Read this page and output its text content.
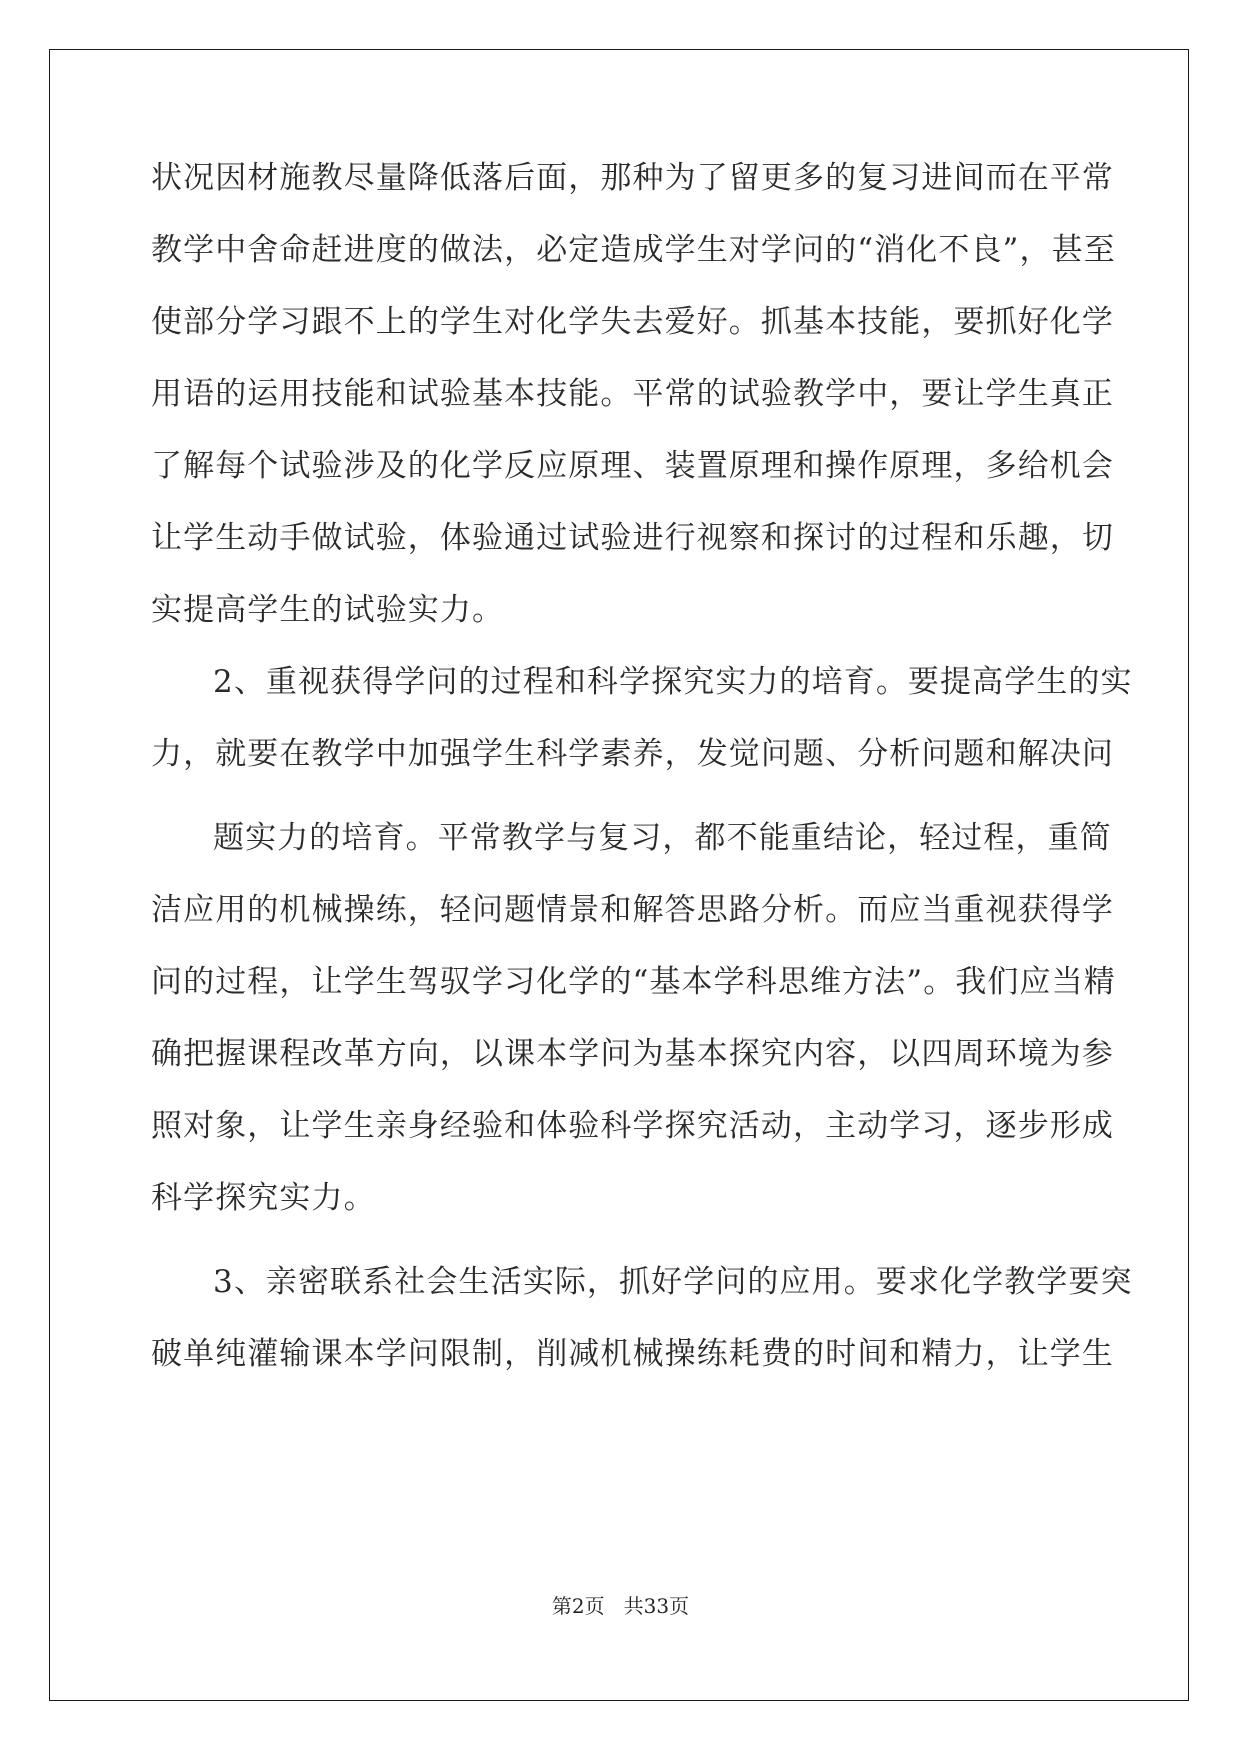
状况因材施教尽量降低落后面，那种为了留更多的复习进间而在平常
教学中舍命赶进度的做法，必定造成学生对学问的“消化不良”，甚至
使部分学习跟不上的学生对化学失去爱好。抓基本技能，要抓好化学
用语的运用技能和试验基本技能。平常的试验教学中，要让学生真正
了解每个试验涉及的化学反应原理、装置原理和操作原理，多给机会
让学生动手做试验，体验通过试验进行视察和探讨的过程和乐趣，切
实提高学生的试验实力。
2、重视获得学问的过程和科学探究实力的培育。要提高学生的实
力，就要在教学中加强学生科学素养，发觉问题、分析问题和解决问
题实力的培育。平常教学与复习，都不能重结论，轻过程，重简
洁应用的机械操练，轻问题情景和解答思路分析。而应当重视获得学
问的过程，让学生驾驭学习化学的“基本学科思维方法”。我们应当精
确把握课程改革方向，以课本学问为基本探究内容，以四周环境为参
照对象，让学生亲身经验和体验科学探究活动，主动学习，逐步形成
科学探究实力。
3、亲密联系社会生活实际，抓好学问的应用。要求化学教学要突
破单纯灌输课本学问限制，削减机械操练耗费的时间和精力，让学生
第2页 共33页
